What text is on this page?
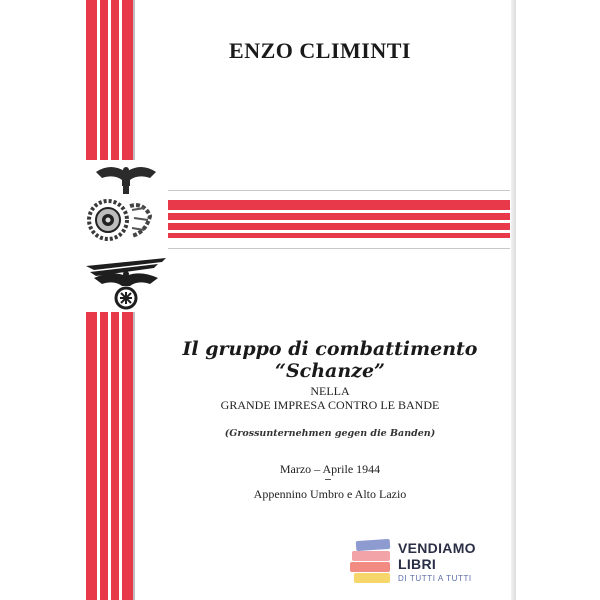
ENZO CLIMINTI
Il gruppo di combattimento “Schanze”
NELLA
GRANDE IMPRESA CONTRO LE BANDE
(Grossunternehmen gegen die Banden)
Marzo – Aprile 1944
Appennino Umbro e Alto Lazio
VENDIAMO
LIBRI
DI TUTTI A TUTTI
